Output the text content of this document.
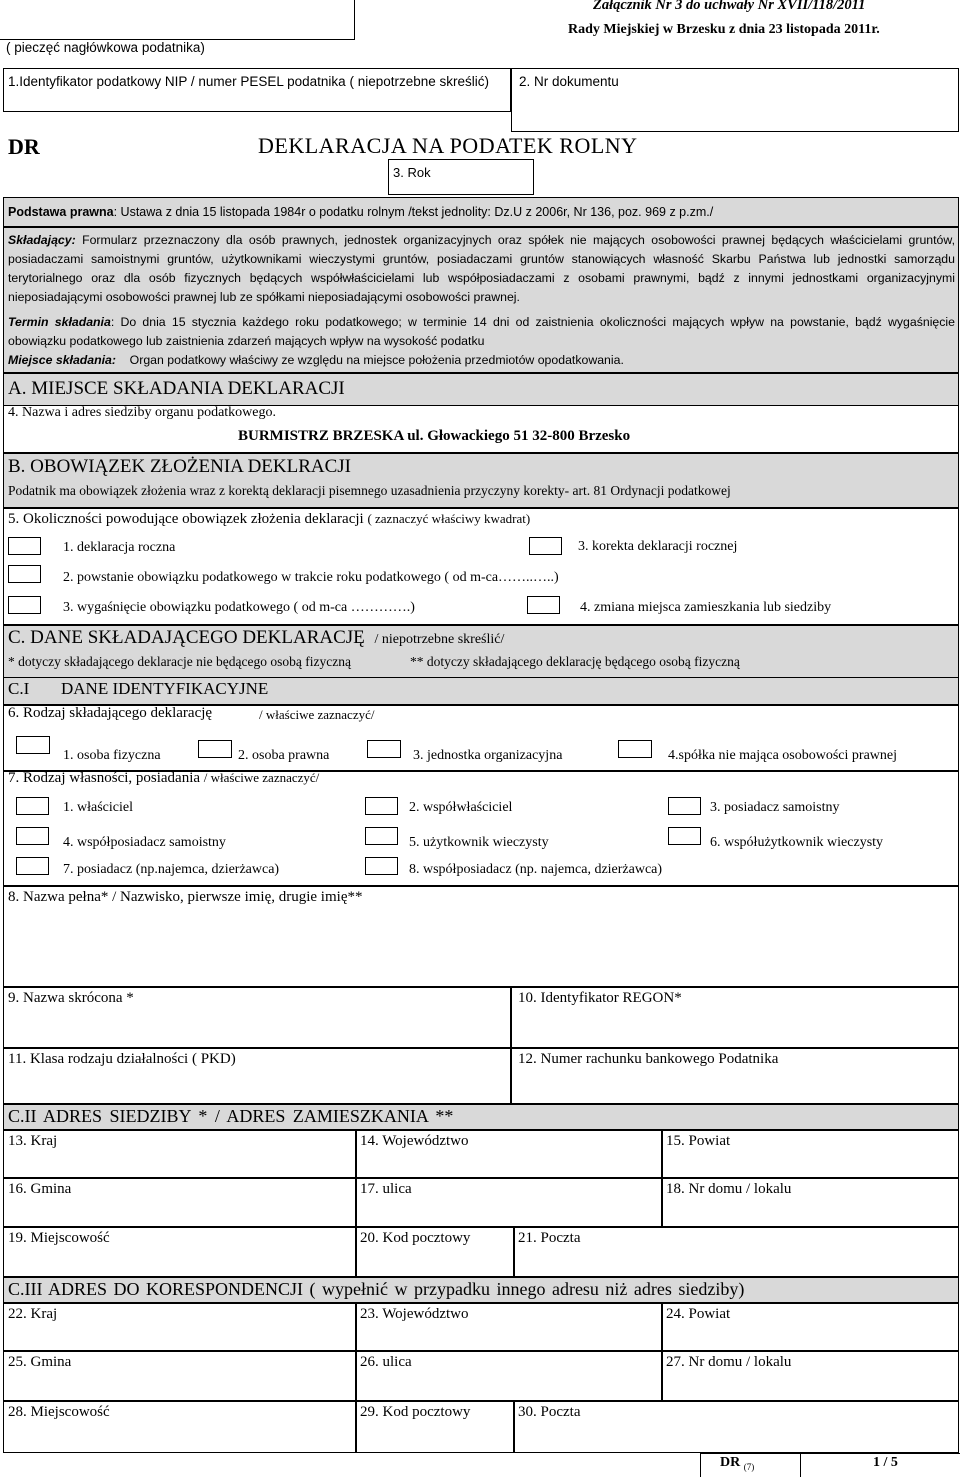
( pieczęć nagłówkowa podatnika)
Załącznik Nr 3 do uchwały Nr XVII/118/2011
Rady Miejskiej w Brzesku z dnia 23 listopada 2011r.
1.Identyfikator podatkowy NIP / numer PESEL podatnika ( niepotrzebne skreślić) 2. Nr dokumentu
DR	DEKLARACJA NA PODATEK ROLNY
3. Rok
Podstawa prawna: Ustawa z dnia 15 listopada 1984r o podatku rolnym /tekst jednolity: Dz.U z 2006r, Nr 136, poz. 969 z p.zm./
Składający: Formularz przeznaczony dla osób prawnych, jednostek organizacyjnych oraz spółek nie mających osobowości prawnej będących właścicielami gruntów, posiadaczami samoistnymi gruntów, użytkownikami wieczystymi gruntów, posiadaczami gruntów stanowiących własność Skarbu Państwa lub jednostki samorządu terytorialnego oraz dla osób fizycznych będących współwłaścicielami lub współposiadaczami z osobami prawnymi, bądź z innymi jednostkami organizacyjnymi nieposiadającymi osobowości prawnej lub ze spółkami nieposiadającymi osobowości prawnej.
Termin składania: Do dnia 15 stycznia każdego roku podatkowego; w terminie 14 dni od zaistnienia okoliczności mających wpływ na powstanie, bądź wygaśnięcie obowiązku podatkowego lub zaistnienia zdarzeń mających wpływ na wysokość podatku
Miejsce składania: Organ podatkowy właściwy ze względu na miejsce położenia przedmiotów opodatkowania.
A. MIEJSCE SKŁADANIA DEKLARACJI
4. Nazwa i adres siedziby organu podatkowego.
BURMISTRZ BRZESKA ul. Głowackiego 51 32-800 Brzesko
B. OBOWIĄZEK ZŁOŻENIA DEKLRACJI
Podatnik ma obowiązek złożenia wraz z korektą deklaracji pisemnego uzasadnienia przyczyny korekty- art. 81 Ordynacji podatkowej
5. Okoliczności powodujące obowiązek złożenia deklaracji ( zaznaczyć właściwy kwadrat)
1. deklaracja roczna	3. korekta deklaracji rocznej
2. powstanie obowiązku podatkowego w trakcie roku podatkowego ( od m-ca……..…..)
3. wygaśnięcie obowiązku podatkowego ( od m-ca ………….)	4. zmiana miejsca zamieszkania lub siedziby
C. DANE SKŁADAJĄCEGO DEKLARACJĘ / niepotrzebne skreślić/
* dotyczy składającego deklaracje nie będącego osobą fizyczną	** dotyczy składającego deklarację będącego osobą fizyczną
C.I DANE IDENTYFIKACYJNE
6. Rodzaj składającego deklarację	/ właściwe zaznaczyć/
1. osoba fizyczna	2. osoba prawna	3. jednostka organizacyjna	4.spółka nie mająca osobowości prawnej
7. Rodzaj własności, posiadania / właściwe zaznaczyć/
1. właściciel	2. współwłaściciel	3. posiadacz samoistny
4. współposiadacz samoistny	5. użytkownik wieczysty	6. współużytkownik wieczysty
7. posiadacz (np.najemca, dzierżawca)	8. współposiadacz (np. najemca, dzierżawca)
8. Nazwa pełna* / Nazwisko, pierwsze imię, drugie imię**
9. Nazwa skrócona *	10. Identyfikator REGON*
11. Klasa rodzaju działalności ( PKD)	12. Numer rachunku bankowego Podatnika
C.II ADRES SIEDZIBY * / ADRES ZAMIESZKANIA **
13. Kraj	14. Województwo	15. Powiat
16. Gmina	17. ulica	18. Nr domu / lokalu
19. Miejscowość	20. Kod pocztowy	21. Poczta
C.III ADRES DO KORESPONDENCJI ( wypełnić w przypadku innego adresu niż adres siedziby)
22. Kraj	23. Województwo	24. Powiat
25. Gmina	26. ulica	27. Nr domu / lokalu
28. Miejscowość	29. Kod pocztowy	30. Poczta
DR $_{(7)}$	1 / 5
